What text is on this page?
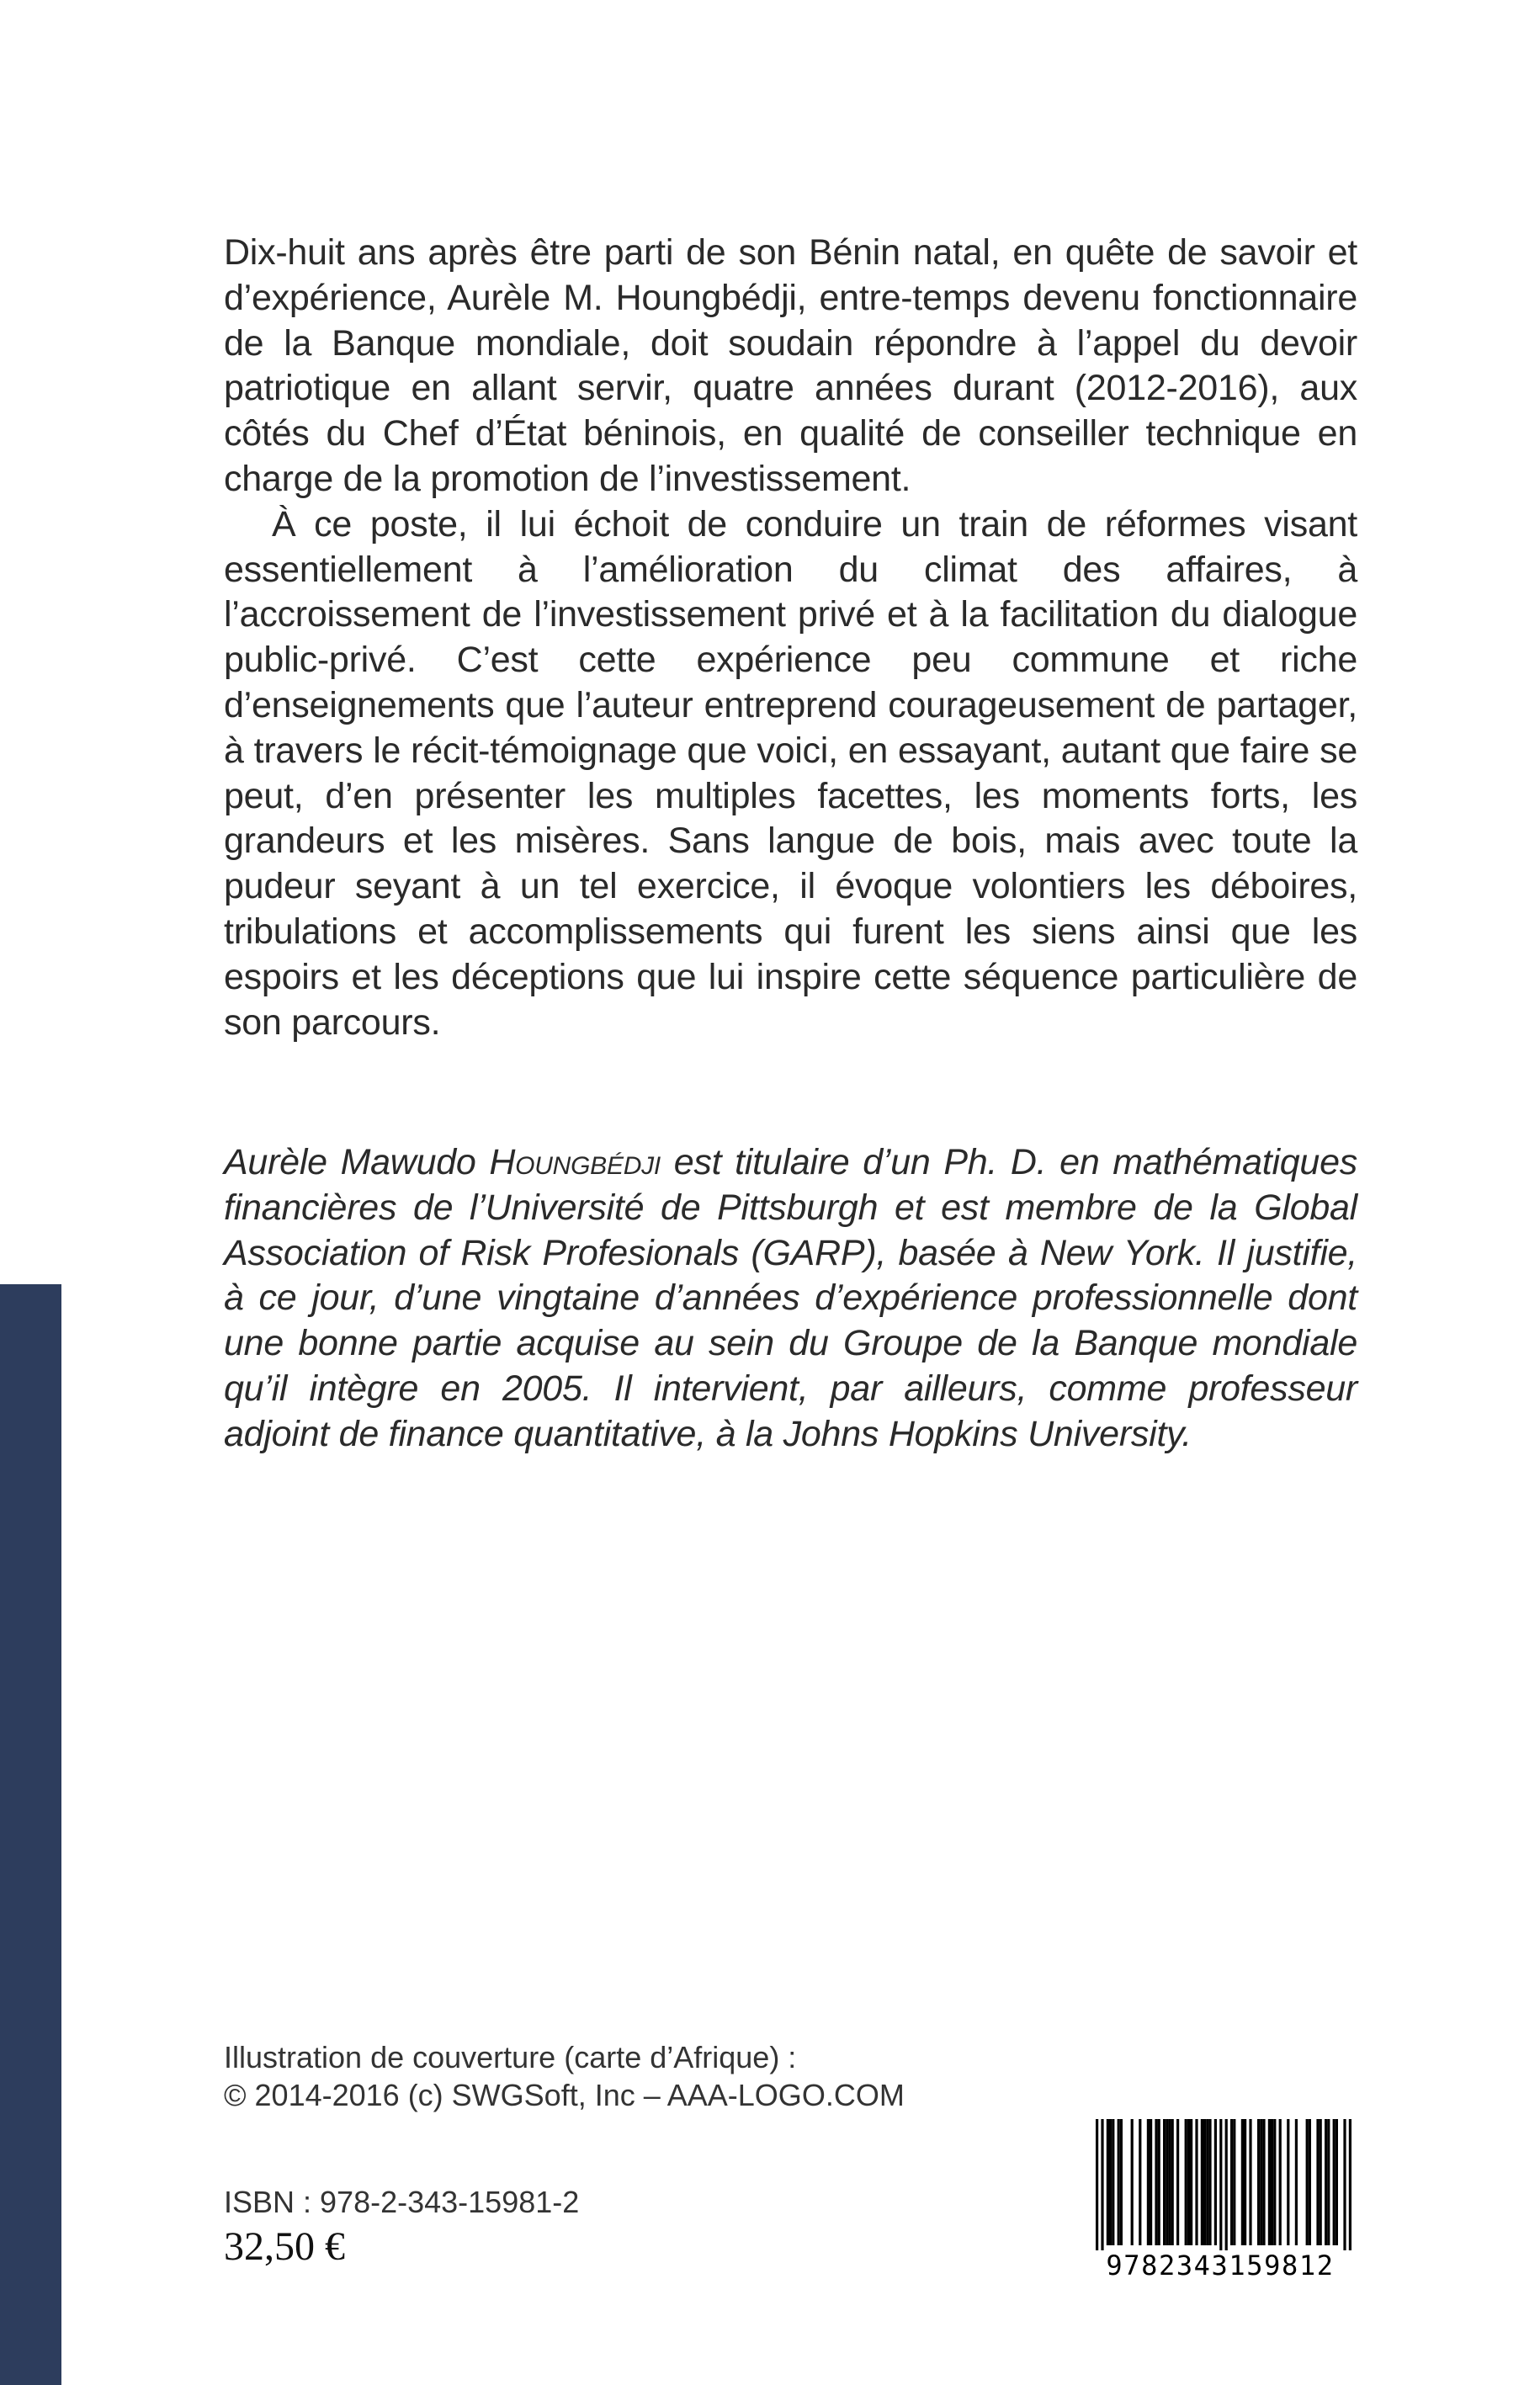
Dix-huit ans après être parti de son Bénin natal, en quête de savoir et d’expérience, Aurèle M. Houngbédji, entre-temps devenu fonctionnaire de la Banque mondiale, doit soudain répondre à l’appel du devoir patriotique en allant servir, quatre années durant (2012-2016), aux côtés du Chef d’État béninois, en qualité de conseiller technique en charge de la promotion de l’investissement.

À ce poste, il lui échoit de conduire un train de réformes visant essentiellement à l’amélioration du climat des affaires, à l’accroissement de l’investissement privé et à la facilitation du dialogue public-privé. C’est cette expérience peu commune et riche d’enseignements que l’auteur entreprend courageusement de partager, à travers le récit-témoignage que voici, en essayant, autant que faire se peut, d’en présenter les multiples facettes, les moments forts, les grandeurs et les misères. Sans langue de bois, mais avec toute la pudeur seyant à un tel exercice, il évoque volontiers les déboires, tribulations et accomplissements qui furent les siens ainsi que les espoirs et les déceptions que lui inspire cette séquence particulière de son parcours.

Aurèle Mawudo Houngbédji est titulaire d’un Ph. D. en mathématiques financières de l’Université de Pittsburgh et est membre de la Global Association of Risk Profesionals (GARP), basée à New York. Il justifie, à ce jour, d’une vingtaine d’années d’expérience professionnelle dont une bonne partie acquise au sein du Groupe de la Banque mondiale qu’il intègre en 2005. Il intervient, par ailleurs, comme professeur adjoint de finance quantitative, à la Johns Hopkins University.

Illustration de couverture (carte d’Afrique) :
© 2014-2016 (c) SWGSoft, Inc – AAA-LOGO.COM
ISBN : 978-2-343-15981-2
32,50 €	9782343159812
